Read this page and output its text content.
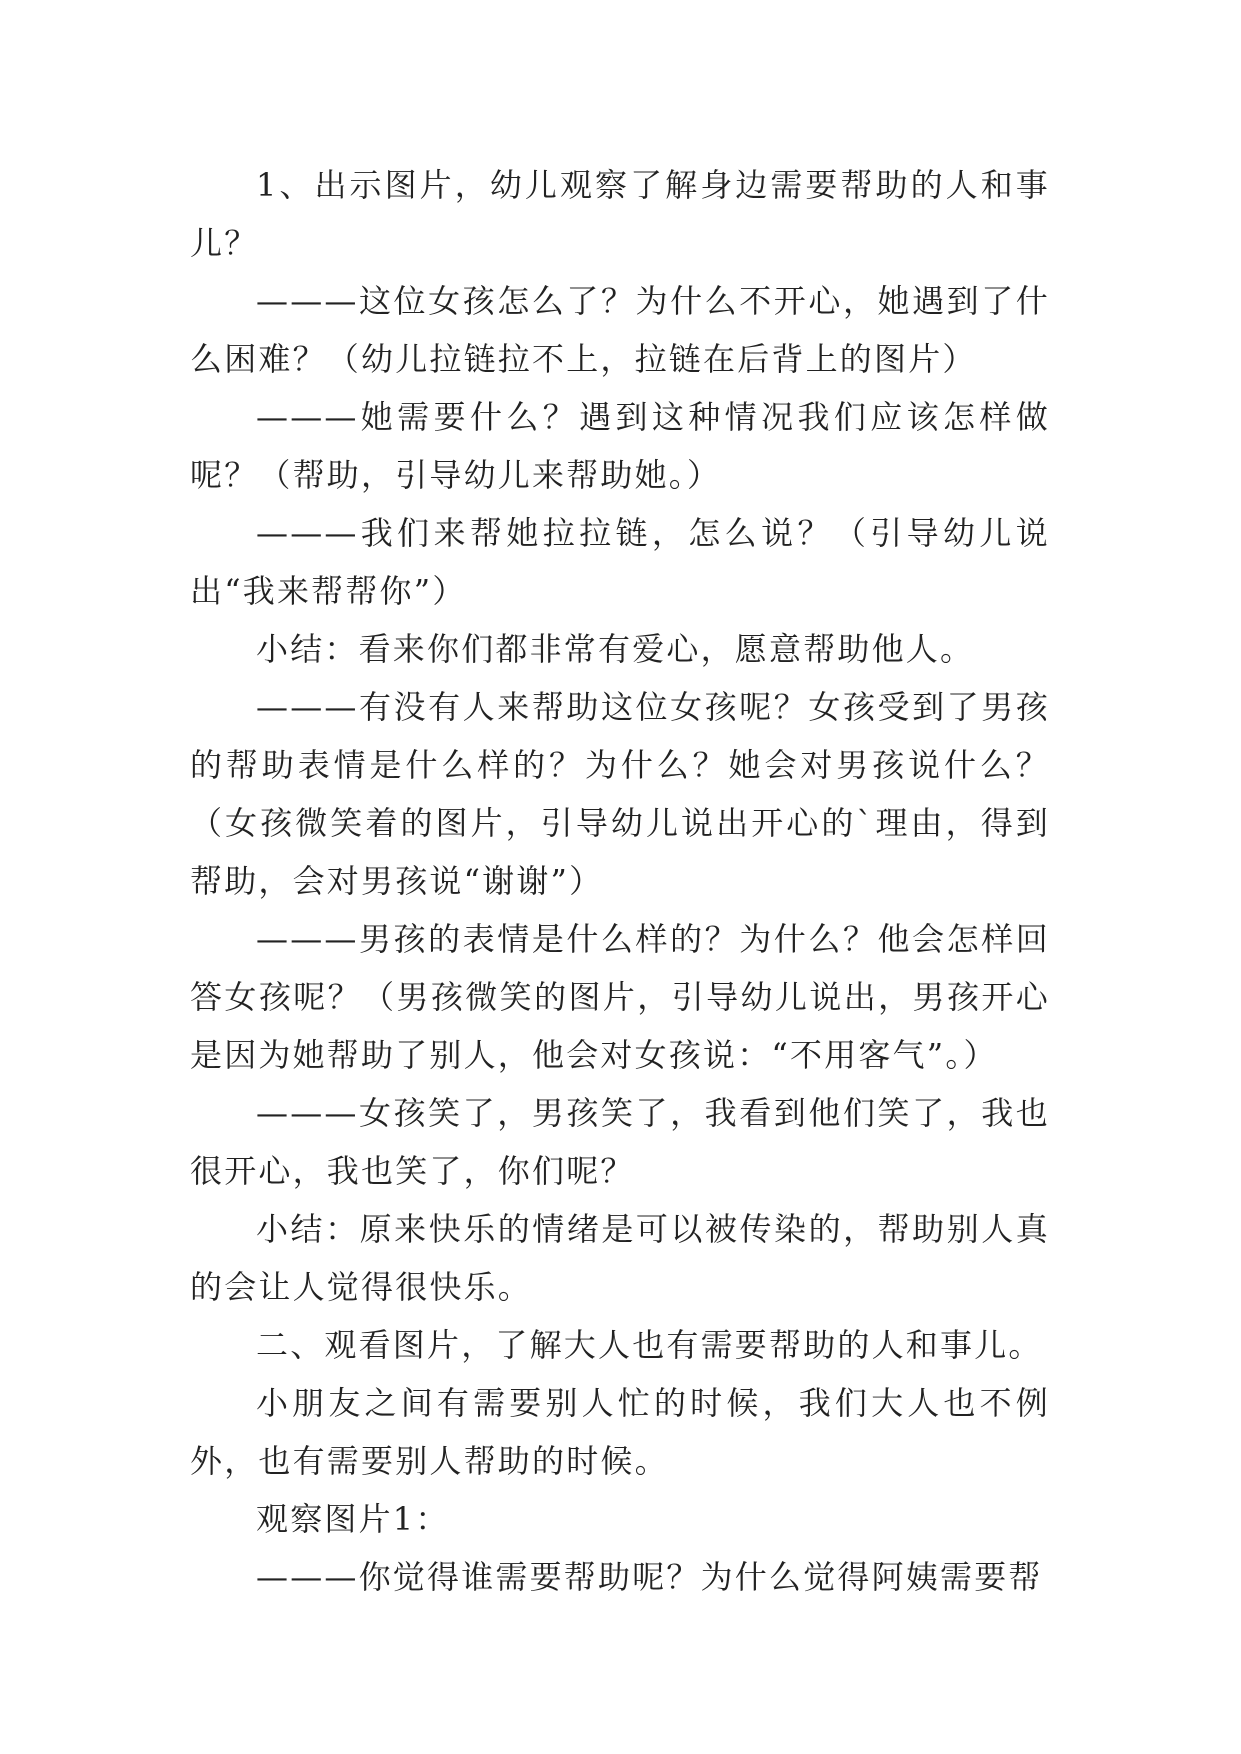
1、出示图片，幼儿观察了解身边需要帮助的人和事儿？

———这位女孩怎么了？为什么不开心，她遇到了什么困难？（幼儿拉链拉不上，拉链在后背上的图片）

———她需要什么？遇到这种情况我们应该怎样做呢？（帮助，引导幼儿来帮助她。）

———我们来帮她拉拉链，怎么说？（引导幼儿说出“我来帮帮你”）

小结：看来你们都非常有爱心，愿意帮助他人。

———有没有人来帮助这位女孩呢？女孩受到了男孩的帮助表情是什么样的？为什么？她会对男孩说什么？（女孩微笑着的图片，引导幼儿说出开心的`理由，得到帮助，会对男孩说“谢谢”）

———男孩的表情是什么样的？为什么？他会怎样回答女孩呢？（男孩微笑的图片，引导幼儿说出，男孩开心是因为她帮助了别人，他会对女孩说：“不用客气”。）

———女孩笑了，男孩笑了，我看到他们笑了，我也很开心，我也笑了，你们呢？

小结：原来快乐的情绪是可以被传染的，帮助别人真的会让人觉得很快乐。

二、观看图片，了解大人也有需要帮助的人和事儿。

小朋友之间有需要别人忙的时候，我们大人也不例外，也有需要别人帮助的时候。

观察图片1：

———你觉得谁需要帮助呢？为什么觉得阿姨需要帮
